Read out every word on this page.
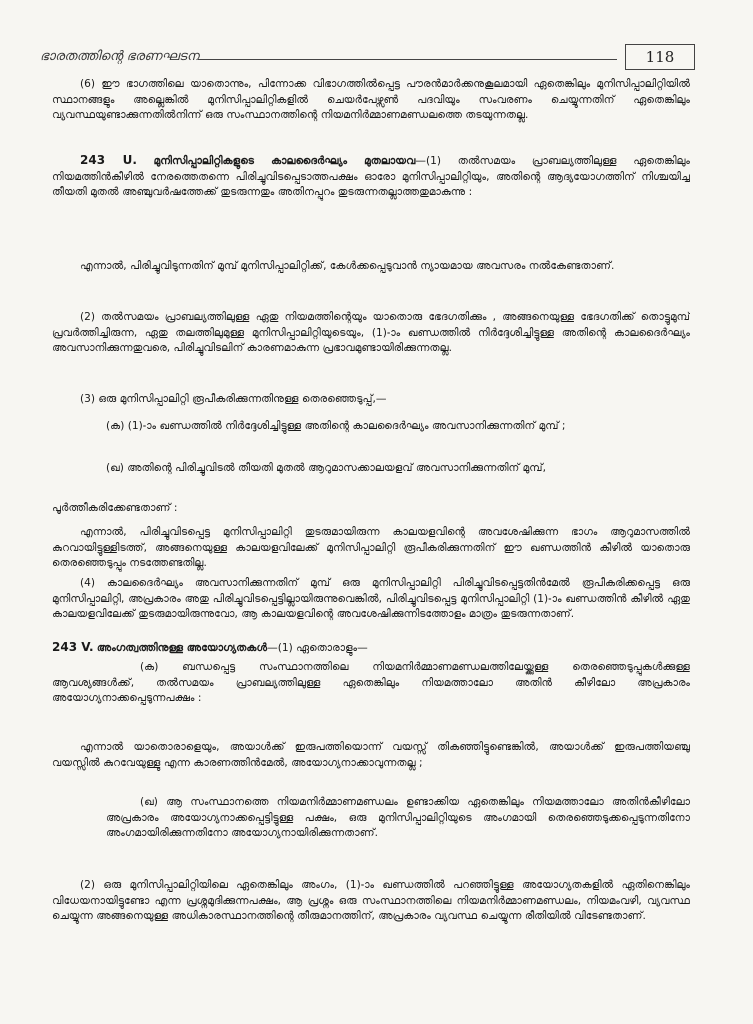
ഭാരതത്തിന്റെ ഭരണഘടന	118

(6) ഈ ഭാഗത്തിലെ യാതൊന്നും, പിന്നോക്ക വിഭാഗത്തിൽപ്പെട്ട പൗരൻമാർക്കനുകൂലമായി ഏതെങ്കിലും മുനിസിപ്പാലിറ്റിയിൽ സ്ഥാനങ്ങളും അല്ലെങ്കിൽ മുനിസിപ്പാലിറ്റികളിൽ ചെയർപേഴ്സൺ പദവിയും സംവരണം ചെയ്യുന്നതിന് ഏതെങ്കിലും വ്യവസ്ഥയുണ്ടാക്കുന്നതിൽനിന്ന് ഒരു സംസ്ഥാനത്തിന്റെ നിയമനിർമ്മാണമണ്ഡലത്തെ തടയുന്നതല്ല.

243 U. മുനിസിപ്പാലിറ്റികളുടെ കാലദൈർഘ്യം മുതലായവ—(1) തൽസമയം പ്രാബല്യത്തിലുള്ള ഏതെങ്കിലും നിയമത്തിൻകീഴിൽ നേരത്തെതന്നെ പിരിച്ചുവിടപ്പെടാത്തപക്ഷം ഓരോ മുനിസിപ്പാലിറ്റിയും, അതിന്റെ ആദ്യയോഗത്തിന് നിശ്ചയിച്ച തീയതി മുതൽ അഞ്ചുവർഷത്തേക്ക് തുടരുന്നതും അതിനപ്പുറം തുടരുന്നതല്ലാത്തതുമാകുന്നു :

എന്നാൽ, പിരിച്ചുവിടുന്നതിന് മുമ്പ് മുനിസിപ്പാലിറ്റിക്ക്, കേൾക്കപ്പെടുവാൻ ന്യായമായ അവസരം നൽകേണ്ടതാണ്.

(2) തൽസമയം പ്രാബല്യത്തിലുള്ള ഏതു നിയമത്തിന്റെയും യാതൊരു ഭേദഗതിക്കും , അങ്ങനെയുള്ള ഭേദഗതിക്ക് തൊട്ടുമുമ്പ് പ്രവർത്തിച്ചിരുന്ന, ഏതു തലത്തിലുമുള്ള മുനിസിപ്പാലിറ്റിയുടെയും, (1)-ാം ഖണ്ഡത്തിൽ നിർദ്ദേശിച്ചിട്ടുള്ള അതിന്റെ കാലദൈർഘ്യം അവസാനിക്കുന്നതുവരെ, പിരിച്ചുവിടലിന് കാരണമാകുന്ന പ്രഭാവമുണ്ടായിരിക്കുന്നതല്ല.

(3) ഒരു മുനിസിപ്പാലിറ്റി രൂപീകരിക്കുന്നതിനുള്ള തെരഞ്ഞെടുപ്പ്,—

(ക) (1)-ാം ഖണ്ഡത്തിൽ നിർദ്ദേശിച്ചിട്ടുള്ള അതിന്റെ കാലദൈർഘ്യം അവസാനിക്കുന്നതിന് മുമ്പ് ;

(ഖ) അതിന്റെ പിരിച്ചുവിടൽ തീയതി മുതൽ ആറുമാസക്കാലയളവ് അവസാനിക്കുന്നതിന് മുമ്പ്,

പൂർത്തീകരിക്കേണ്ടതാണ് :

എന്നാൽ, പിരിച്ചുവിടപ്പെട്ട മുനിസിപ്പാലിറ്റി തുടരുമായിരുന്ന കാലയളവിന്റെ അവശേഷിക്കുന്ന ഭാഗം ആറുമാസത്തിൽ കുറവായിട്ടുള്ളിടത്ത്, അങ്ങനെയുള്ള കാലയളവിലേക്ക് മുനിസിപ്പാലിറ്റി രൂപീകരിക്കുന്നതിന് ഈ ഖണ്ഡത്തിൻ കീഴിൽ യാതൊരു തെരഞ്ഞെടുപ്പും നടത്തേണ്ടതില്ല.

(4) കാലദൈർഘ്യം അവസാനിക്കുന്നതിന് മുമ്പ് ഒരു മുനിസിപ്പാലിറ്റി പിരിച്ചുവിടപ്പെട്ടതിൻമേൽ രൂപീകരിക്കപ്പെട്ട ഒരു മുനിസിപ്പാലിറ്റി, അപ്രകാരം അതു പിരിച്ചുവിടപ്പെട്ടില്ലായിരുന്നുവെങ്കിൽ, പിരിച്ചുവിടപ്പെട്ട മുനിസിപ്പാലിറ്റി (1)-ാം ഖണ്ഡത്തിൻ കീഴിൽ ഏതു കാലയളവിലേക്ക് തുടരുമായിരുന്നുവോ, ആ കാലയളവിന്റെ അവശേഷിക്കുന്നിടത്തോളം മാത്രം തുടരുന്നതാണ്.

243 V. അംഗത്വത്തിനുള്ള അയോഗ്യതകൾ—(1) ഏതൊരാളും—

(ക) ബന്ധപ്പെട്ട സംസ്ഥാനത്തിലെ നിയമനിർമ്മാണമണ്ഡലത്തിലേയ്ക്കുള്ള തെരഞ്ഞെടുപ്പുകൾക്കുള്ള ആവശ്യങ്ങൾക്ക്, തൽസമയം പ്രാബല്യത്തിലുള്ള ഏതെങ്കിലും നിയമത്താലോ അതിൻ കീഴിലോ അപ്രകാരം അയോഗ്യനാക്കപ്പെടുന്നപക്ഷം :

എന്നാൽ യാതൊരാളെയും, അയാൾക്ക് ഇരുപത്തിയൊന്ന് വയസ്സ് തികഞ്ഞിട്ടുണ്ടെങ്കിൽ, അയാൾക്ക് ഇരുപത്തിയഞ്ചു വയസ്സിൽ കുറവേയുള്ളു എന്ന കാരണത്തിൻമേൽ, അയോഗ്യനാക്കാവുന്നതല്ല ;

(ഖ) ആ സംസ്ഥാനത്തെ നിയമനിർമ്മാണമണ്ഡലം ഉണ്ടാക്കിയ ഏതെങ്കിലും നിയമത്താലോ അതിൻകീഴിലോ അപ്രകാരം അയോഗ്യനാക്കപ്പെട്ടിട്ടുള്ള പക്ഷം, ഒരു മുനിസിപ്പാലിറ്റിയുടെ അംഗമായി തെരഞ്ഞെടുക്കപ്പെടുന്നതിനോ അംഗമായിരിക്കുന്നതിനോ അയോഗ്യനായിരിക്കുന്നതാണ്.

(2) ഒരു മുനിസിപ്പാലിറ്റിയിലെ ഏതെങ്കിലും അംഗം, (1)-ാം ഖണ്ഡത്തിൽ പറഞ്ഞിട്ടുള്ള അയോഗ്യതകളിൽ ഏതിനെങ്കിലും വിധേയനായിട്ടുണ്ടോ എന്ന പ്രശ്നമുദിക്കുന്നപക്ഷം, ആ പ്രശ്നം ഒരു സംസ്ഥാനത്തിലെ നിയമനിർമ്മാണമണ്ഡലം, നിയമംവഴി, വ്യവസ്ഥ ചെയ്യുന്ന അങ്ങനെയുള്ള അധികാരസ്ഥാനത്തിന്റെ തീരുമാനത്തിന്, അപ്രകാരം വ്യവസ്ഥ ചെയ്യുന്ന രീതിയിൽ വിടേണ്ടതാണ്.
